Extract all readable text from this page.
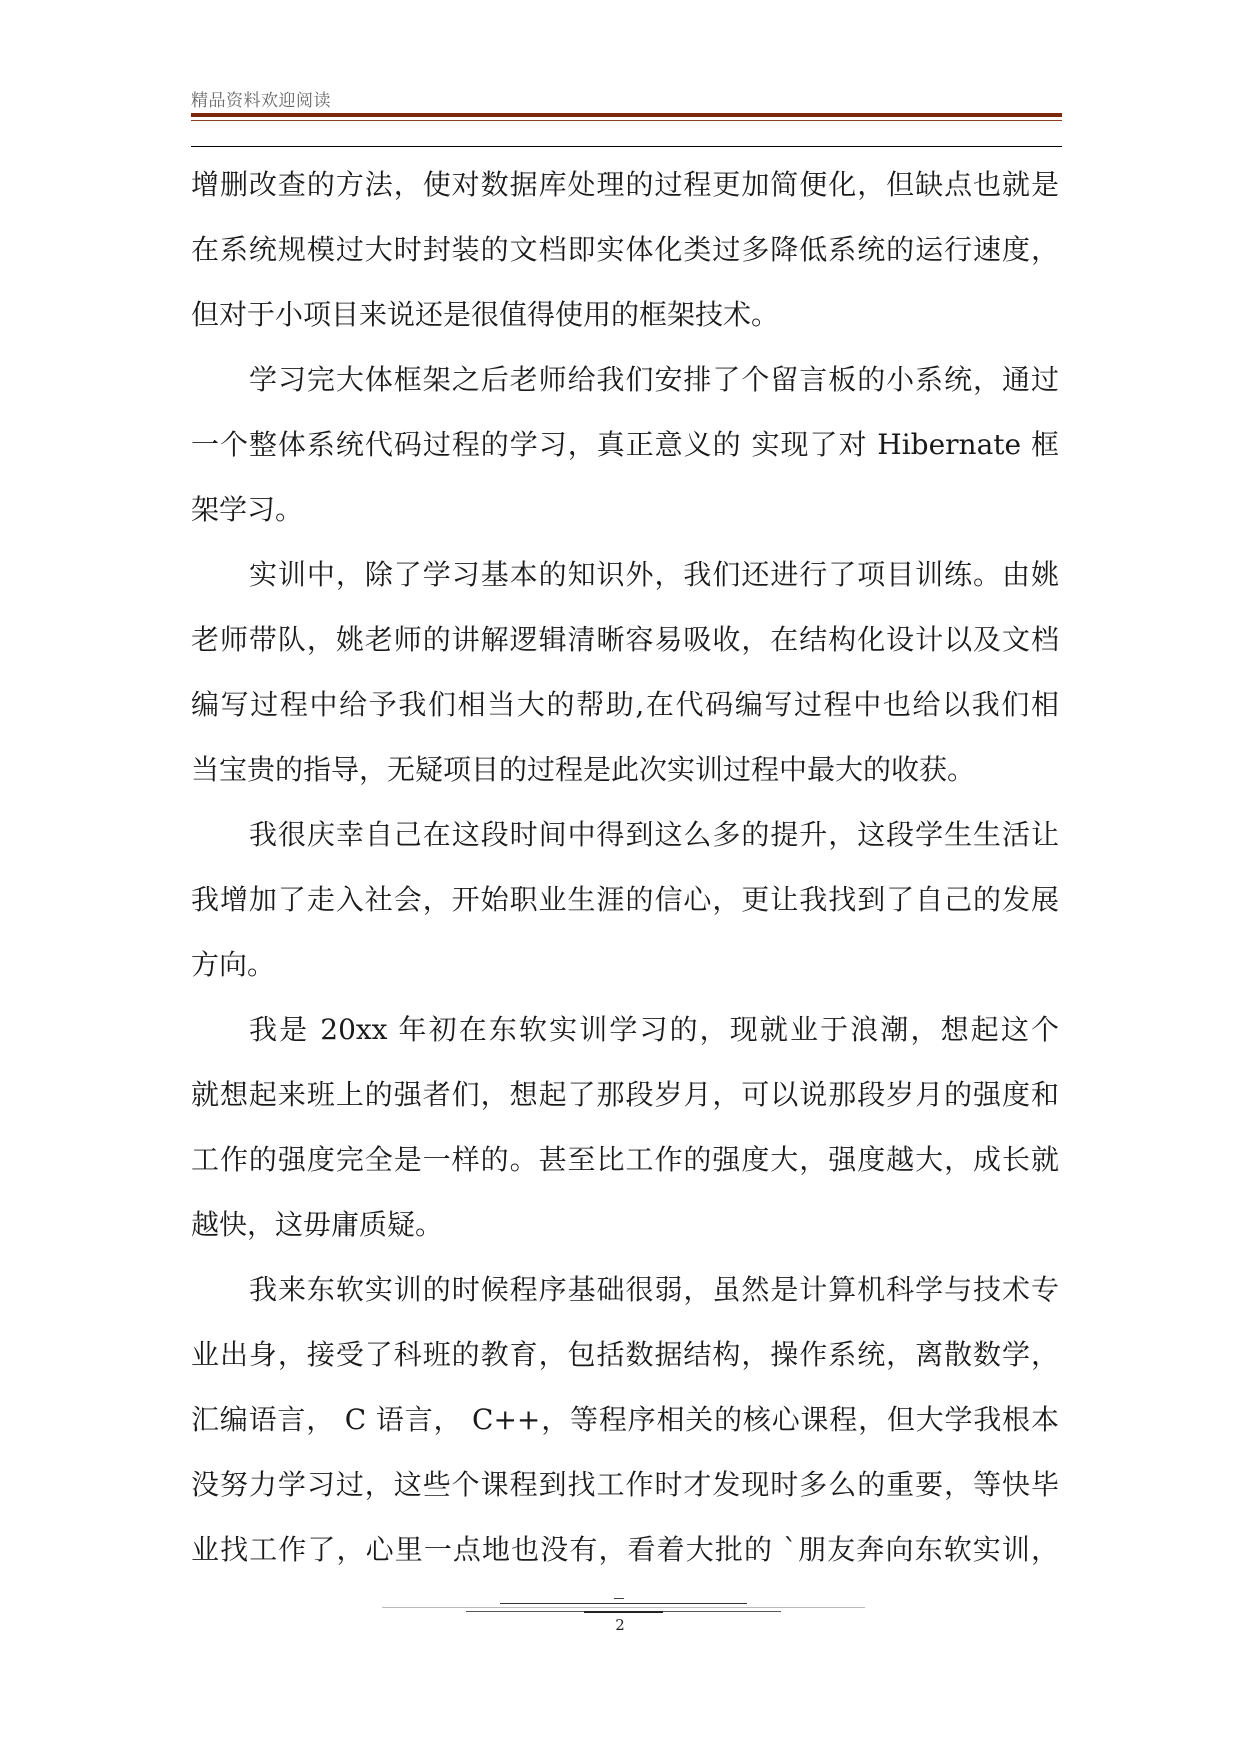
精品资料欢迎阅读
增删改查的方法，使对数据库处理的过程更加简便化，但缺点也就是
在系统规模过大时封装的文档即实体化类过多降低系统的运行速度，
但对于小项目来说还是很值得使用的框架技术。
学习完大体框架之后老师给我们安排了个留言板的小系统，通过
一个整体系统代码过程的学习，真正意义的 实现了对 Hibernate 框
架学习。
实训中，除了学习基本的知识外，我们还进行了项目训练。由姚
老师带队，姚老师的讲解逻辑清晰容易吸收，在结构化设计以及文档
编写过程中给予我们相当大的帮助,在代码编写过程中也给以我们相
当宝贵的指导，无疑项目的过程是此次实训过程中最大的收获。
我很庆幸自己在这段时间中得到这么多的提升，这段学生生活让
我增加了走入社会，开始职业生涯的信心，更让我找到了自己的发展
方向。
我是 20xx 年初在东软实训学习的，现就业于浪潮，想起这个
就想起来班上的强者们，想起了那段岁月，可以说那段岁月的强度和
工作的强度完全是一样的。甚至比工作的强度大，强度越大，成长就
越快，这毋庸质疑。
我来东软实训的时候程序基础很弱，虽然是计算机科学与技术专
业出身，接受了科班的教育，包括数据结构，操作系统，离散数学，
汇编语言， C 语言， C++，等程序相关的核心课程，但大学我根本
没努力学习过，这些个课程到找工作时才发现时多么的重要，等快毕
业找工作了，心里一点地也没有，看着大批的 `朋友奔向东软实训，
2
